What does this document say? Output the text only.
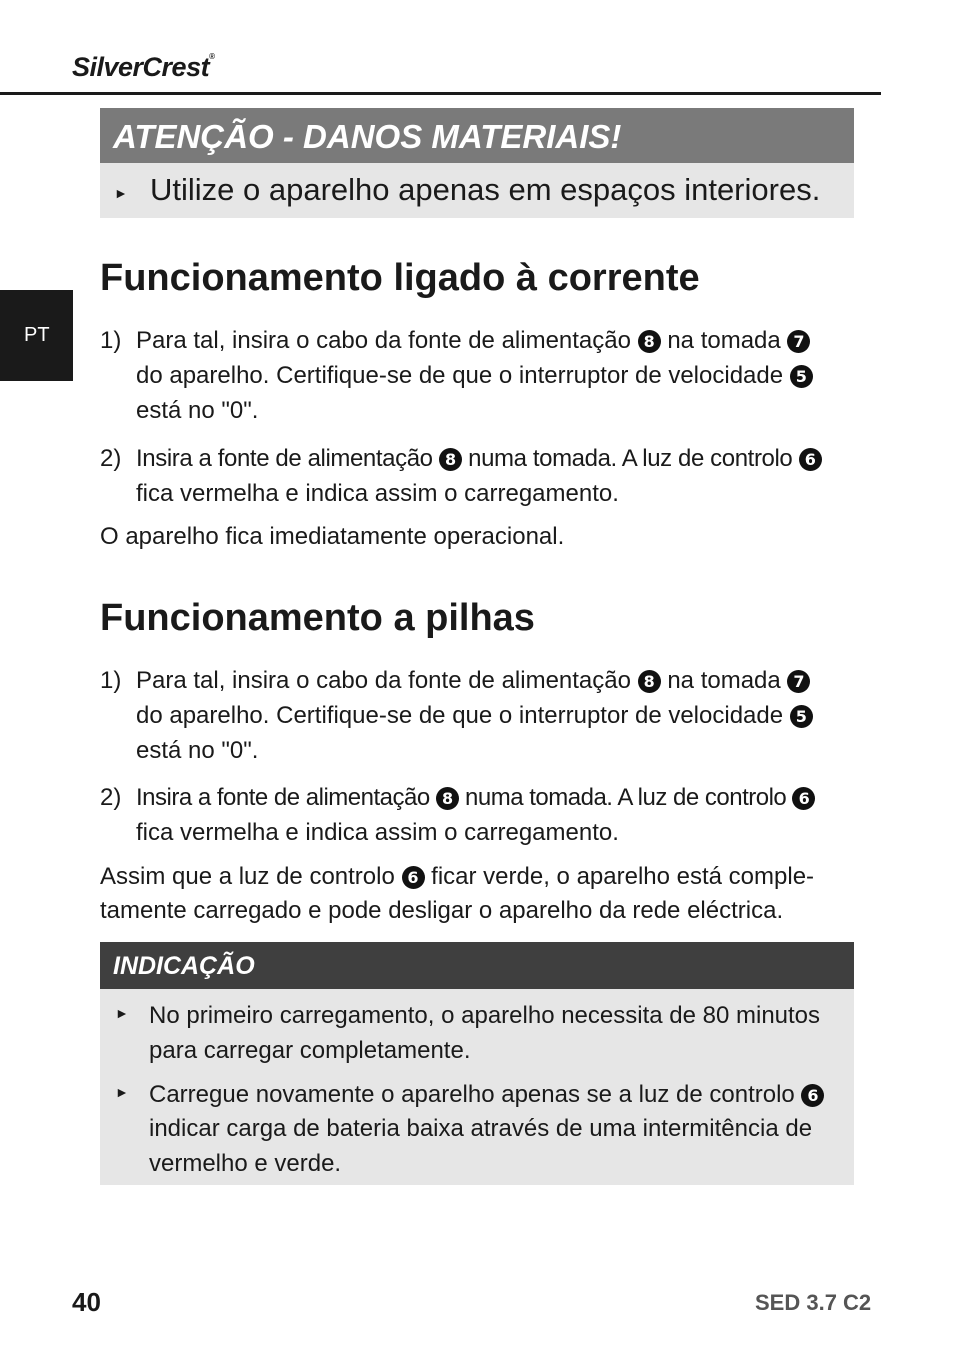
SilverCrest®
PT
ATENÇÃO - DANOS MATERIAIS!
► Utilize o aparelho apenas em espaços interiores.
Funcionamento ligado à corrente
1) Para tal, insira o cabo da fonte de alimentação 8 na tomada 7
do aparelho. Certifique-se de que o interruptor de velocidade 5
está no "0".
2) Insira a fonte de alimentação 8 numa tomada. A luz de controlo 6
fica vermelha e indica assim o carregamento.
O aparelho fica imediatamente operacional.
Funcionamento a pilhas
1) Para tal, insira o cabo da fonte de alimentação 8 na tomada 7
do aparelho. Certifique-se de que o interruptor de velocidade 5
está no "0".
2) Insira a fonte de alimentação 8 numa tomada. A luz de controlo 6
fica vermelha e indica assim o carregamento.
Assim que a luz de controlo 6 ficar verde, o aparelho está comple-
tamente carregado e pode desligar o aparelho da rede eléctrica.
INDICAÇÃO
► No primeiro carregamento, o aparelho necessita de 80 minutos
para carregar completamente.
► Carregue novamente o aparelho apenas se a luz de controlo 6
indicar carga de bateria baixa através de uma intermitência de
vermelho e verde.
40	SED 3.7 C2
